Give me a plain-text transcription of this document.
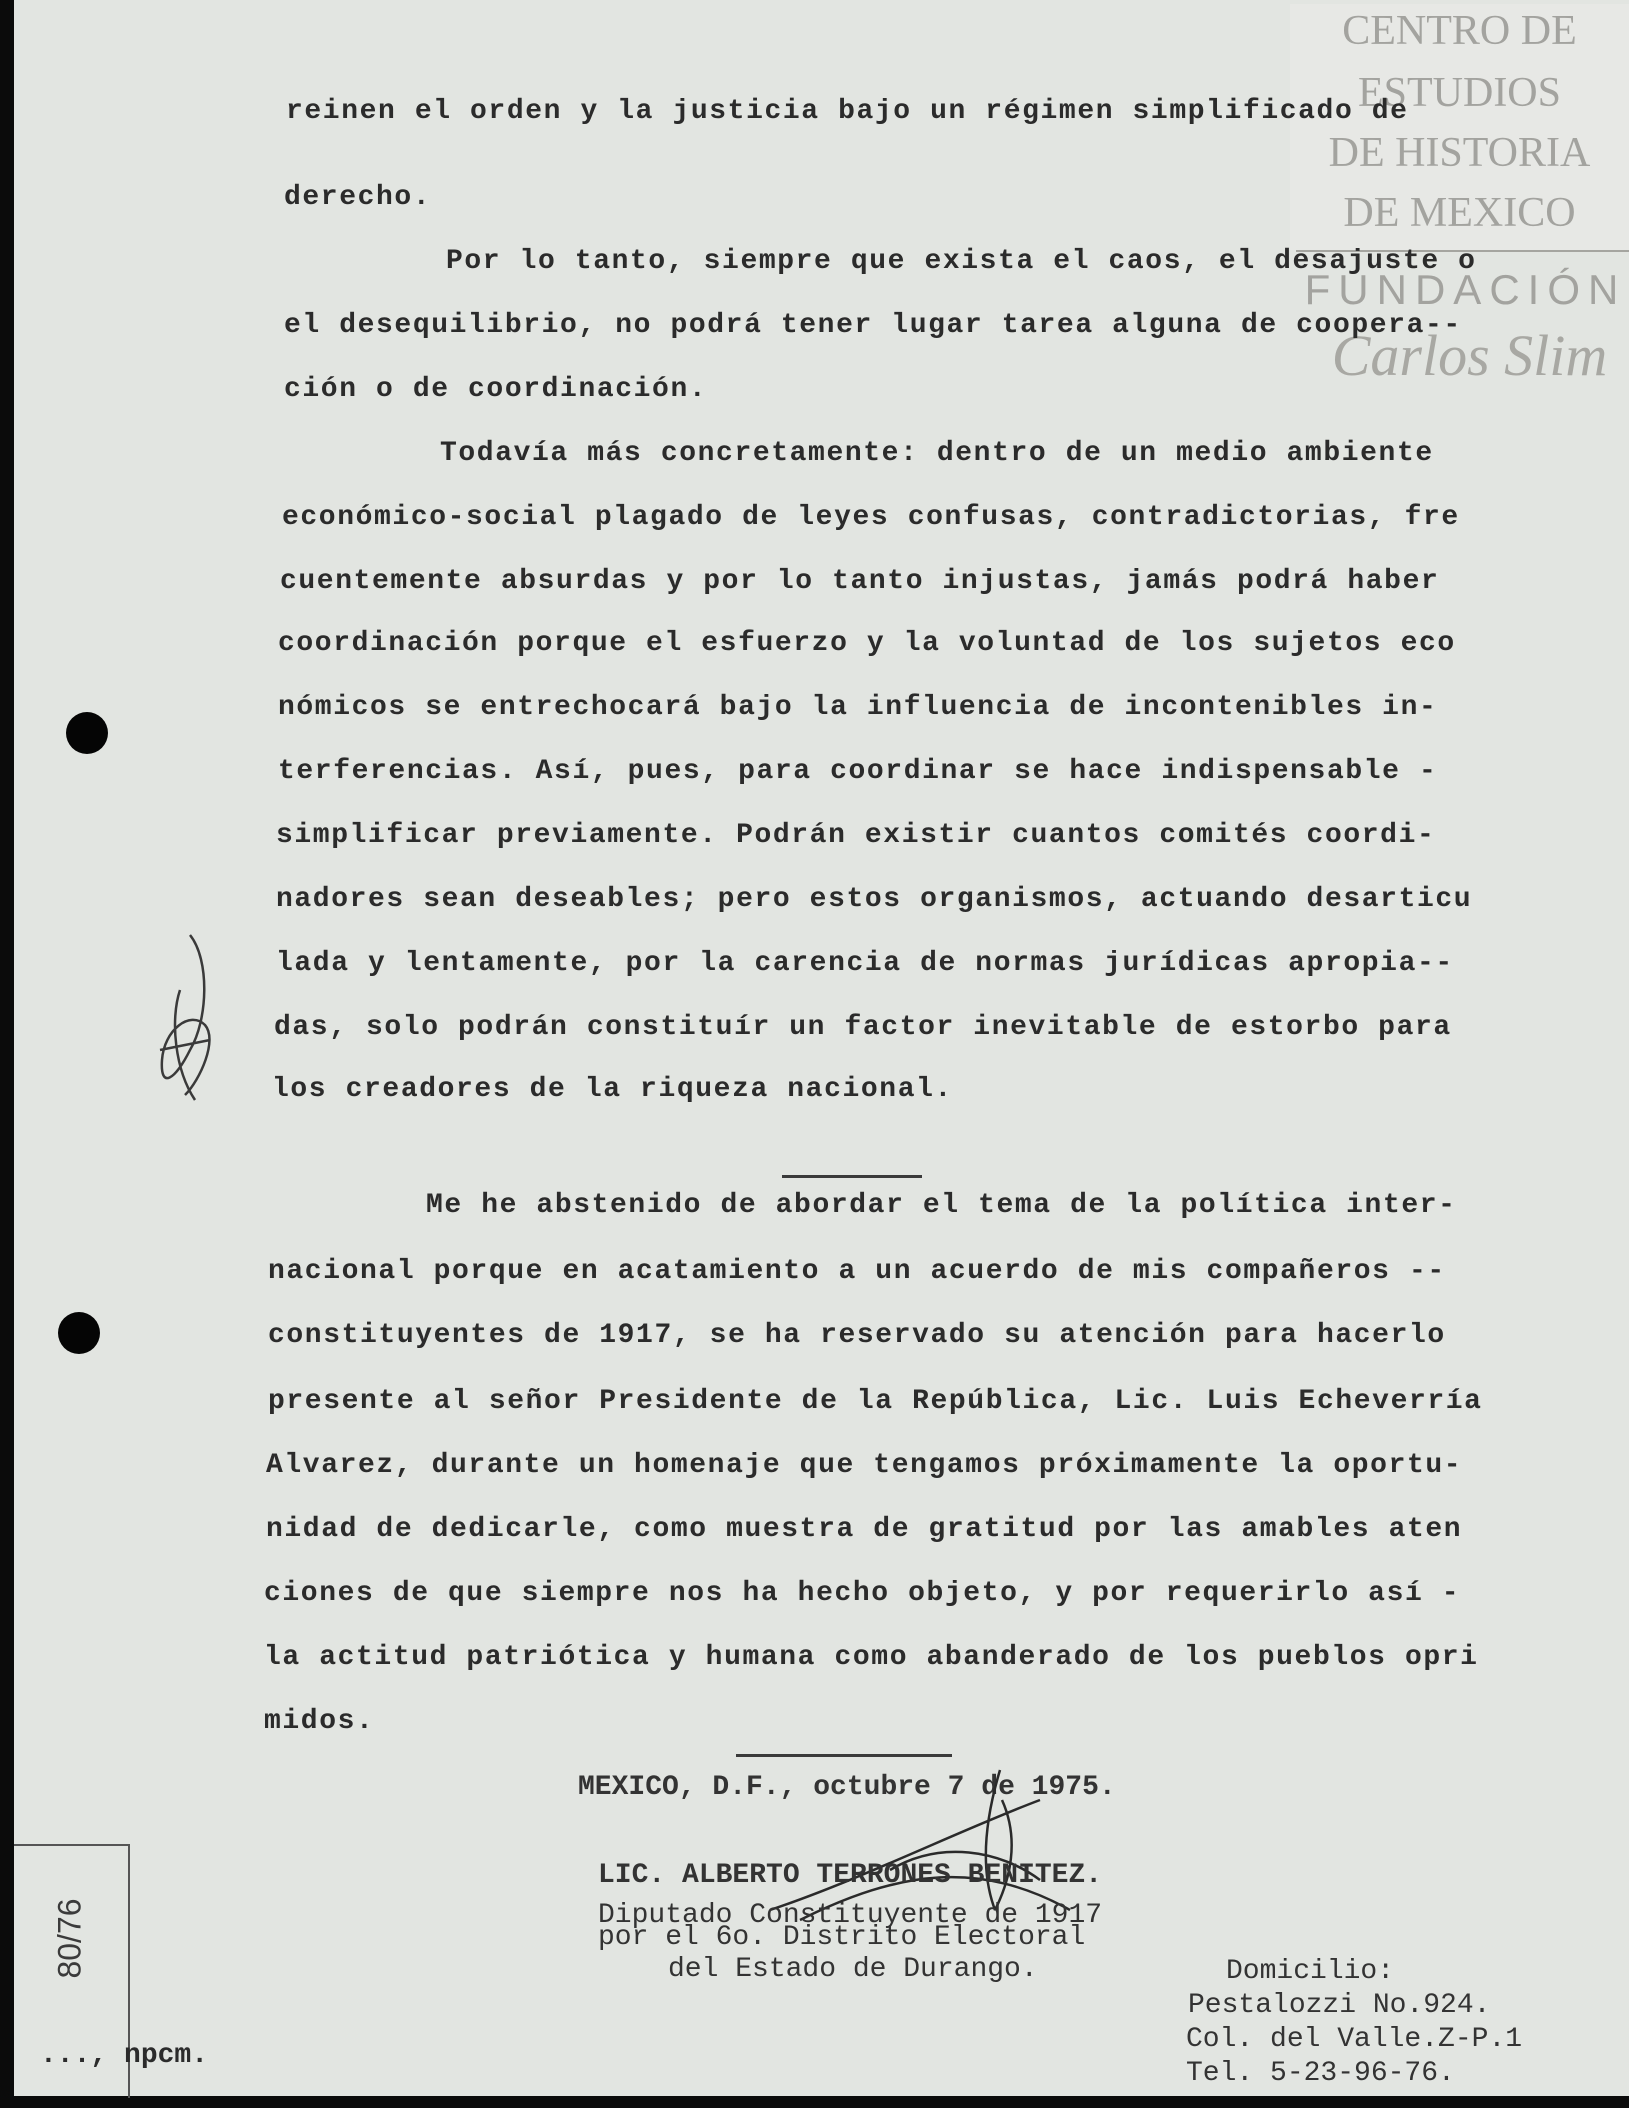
CENTRO DE
ESTUDIOS
DE HISTORIA
DE MEXICO
FUNDACIÓN
Carlos Slim
reinen el orden y la justicia bajo un régimen simplificado de
derecho.
Por lo tanto, siempre que exista el caos, el desajuste o
el desequilibrio, no podrá tener lugar tarea alguna de coopera--
ción o de coordinación.
Todavía más concretamente: dentro de un medio ambiente
económico-social plagado de leyes confusas, contradictorias, fre
cuentemente absurdas y por lo tanto injustas, jamás podrá haber
coordinación porque el esfuerzo y la voluntad de los sujetos eco
nómicos se entrechocará bajo la influencia de incontenibles in-
terferencias. Así, pues, para coordinar se hace indispensable -
simplificar previamente. Podrán existir cuantos comités coordi-
nadores sean deseables; pero estos organismos, actuando desarticu
lada y lentamente, por la carencia de normas jurídicas apropia--
das, solo podrán constituír un factor inevitable de estorbo para
los creadores de la riqueza nacional.
Me he abstenido de abordar el tema de la política inter-
nacional porque en acatamiento a un acuerdo de mis compañeros --
constituyentes de 1917, se ha reservado su atención para hacerlo
presente al señor Presidente de la República, Lic. Luis Echeverría
Alvarez, durante un homenaje que tengamos próximamente la oportu-
nidad de dedicarle, como muestra de gratitud por las amables aten
ciones de que siempre nos ha hecho objeto, y por requerirlo así -
la actitud patriótica y humana como abanderado de los pueblos opri
midos.
MEXICO, D.F., octubre 7 de 1975.
LIC. ALBERTO TERRONES BENITEZ.
Diputado Constituyente de 1917
por el 6o. Distrito Electoral
del Estado de Durango.	Domicilio:
Pestalozzi No.924.
Col. del Valle.Z-P.1
Tel. 5-23-96-76.
80/76
..., npcm.
